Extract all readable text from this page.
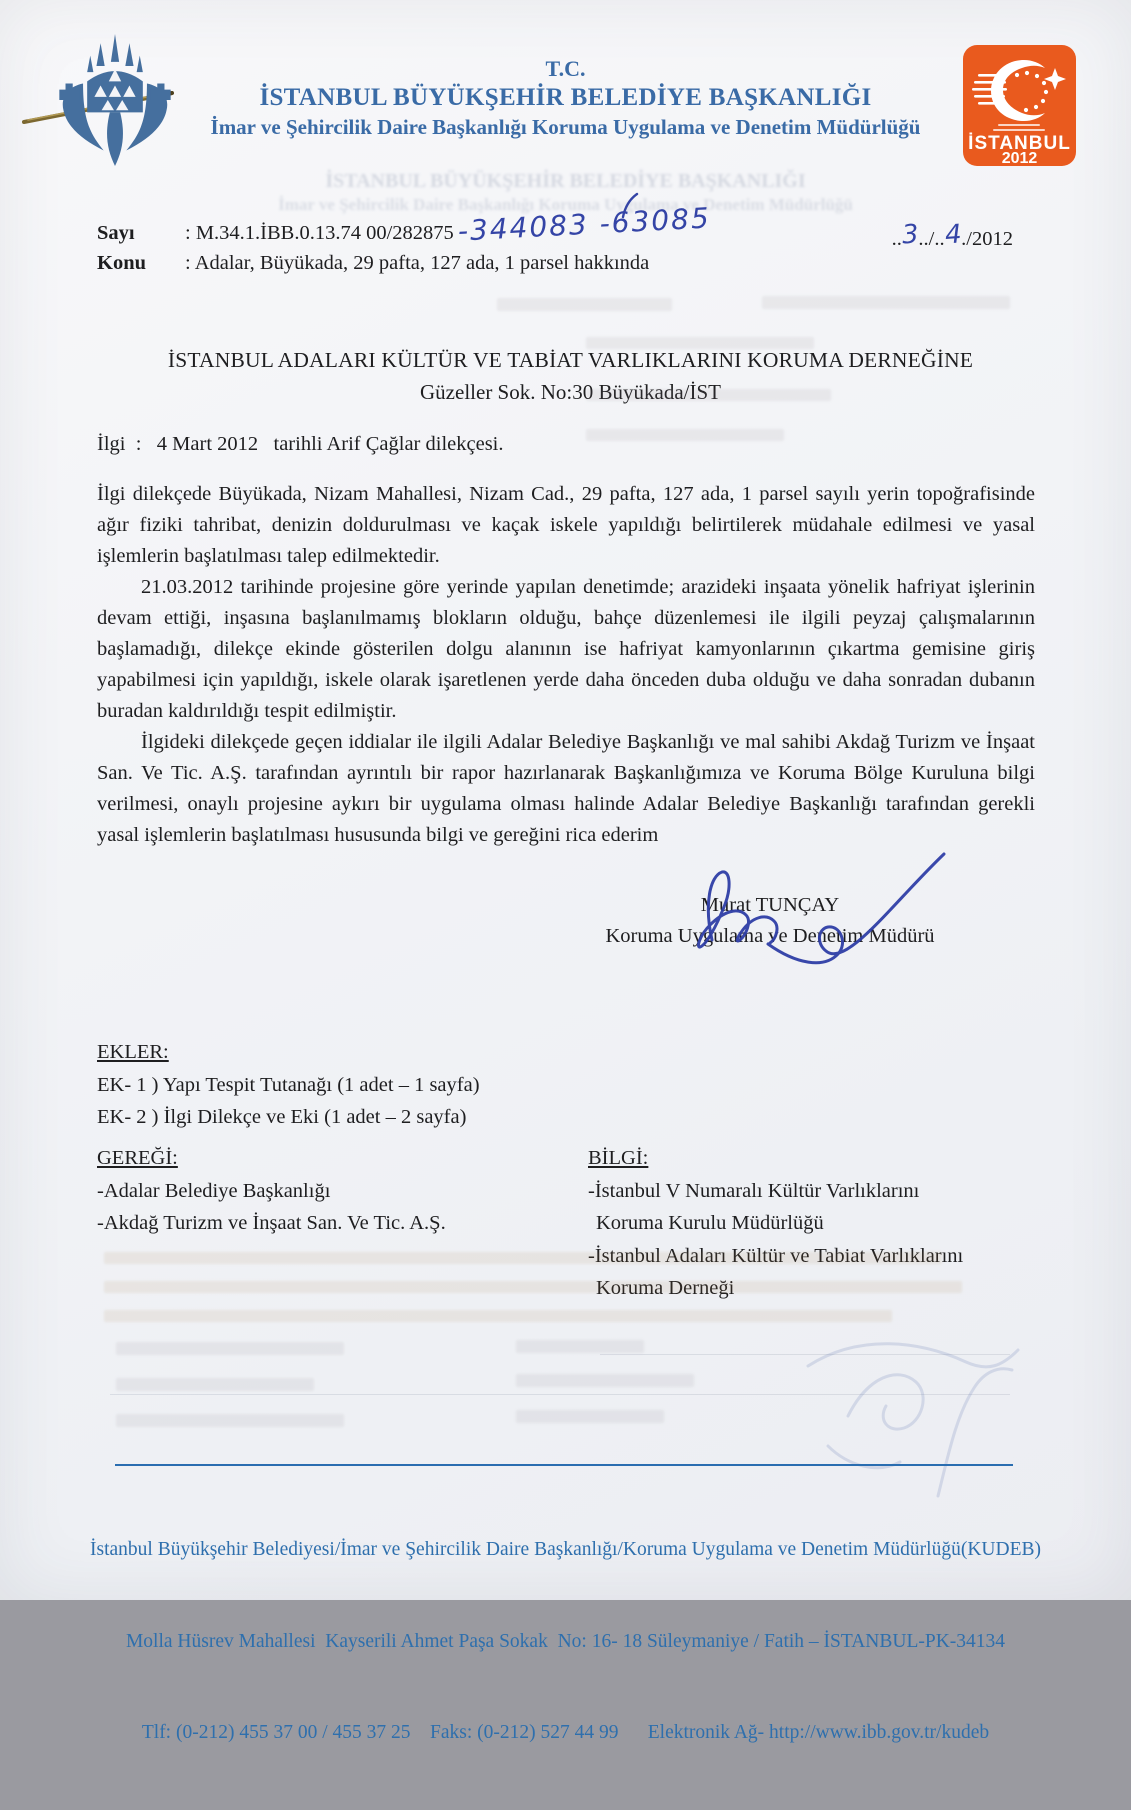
T.C.
İSTANBUL BÜYÜKŞEHİR BELEDİYE BAŞKANLIĞI
İmar ve Şehircilik Daire Başkanlığı Koruma Uygulama ve Denetim Müdürlüğü
İSTANBUL BÜYÜKŞEHİR BELEDİYE BAŞKANLIĞI
İmar ve Şehircilik Daire Başkanlığı Koruma Uygulama ve Denetim Müdürlüğü
İSTANBUL
2012
Sayı	: M.34.1.İBB.0.13.74 00/282875 -344083 -63085
Konu	: Adalar, Büyükada, 29 pafta, 127 ada, 1 parsel hakkında
..3../..4./2012
İSTANBUL ADALARI KÜLTÜR VE TABİAT VARLIKLARINI KORUMA DERNEĞİNE
Güzeller Sok. No:30 Büyükada/İST
İlgi  :   4 Mart 2012   tarihli Arif Çağlar dilekçesi.

İlgi dilekçede Büyükada, Nizam Mahallesi, Nizam Cad., 29 pafta, 127 ada, 1 parsel sayılı yerin topoğrafisinde ağır fiziki tahribat, denizin doldurulması ve kaçak iskele yapıldığı belirtilerek müdahale edilmesi ve yasal işlemlerin başlatılması talep edilmektedir.

21.03.2012 tarihinde projesine göre yerinde yapılan denetimde; arazideki inşaata yönelik hafriyat işlerinin devam ettiği, inşasına başlanılmamış blokların olduğu, bahçe düzenlemesi ile ilgili peyzaj çalışmalarının başlamadığı, dilekçe ekinde gösterilen dolgu alanının ise hafriyat kamyonlarının çıkartma gemisine giriş yapabilmesi için yapıldığı, iskele olarak işaretlenen yerde daha önceden duba olduğu ve daha sonradan dubanın buradan kaldırıldığı tespit edilmiştir.

İlgideki dilekçede geçen iddialar ile ilgili Adalar Belediye Başkanlığı ve mal sahibi Akdağ Turizm ve İnşaat San. Ve Tic. A.Ş. tarafından ayrıntılı bir rapor hazırlanarak Başkanlığımıza ve Koruma Bölge Kuruluna bilgi verilmesi, onaylı projesine aykırı bir uygulama olması halinde Adalar Belediye Başkanlığı tarafından gerekli yasal işlemlerin başlatılması hususunda bilgi ve gereğini rica ederim

Murat TUNÇAY
Koruma Uygulama ve Denetim Müdürü
EKLER:
EK- 1 ) Yapı Tespit Tutanağı (1 adet – 1 sayfa)
EK- 2 ) İlgi Dilekçe ve Eki (1 adet – 2 sayfa)
GEREĞİ:
-Adalar Belediye Başkanlığı
-Akdağ Turizm ve İnşaat San. Ve Tic. A.Ş.
BİLGİ:
-İstanbul V Numaralı Kültür Varlıklarını
Koruma Kurulu Müdürlüğü
-İstanbul Adaları Kültür ve Tabiat Varlıklarını
Koruma Derneği

İstanbul Büyükşehir Belediyesi/İmar ve Şehircilik Daire Başkanlığı/Koruma Uygulama ve Denetim Müdürlüğü(KUDEB)

Molla Hüsrev Mahallesi  Kayserili Ahmet Paşa Sokak  No: 16- 18 Süleymaniye / Fatih – İSTANBUL-PK-34134

Tlf: (0-212) 455 37 00 / 455 37 25    Faks: (0-212) 527 44 99      Elektronik Ağ- http://www.ibb.gov.tr/kudeb
